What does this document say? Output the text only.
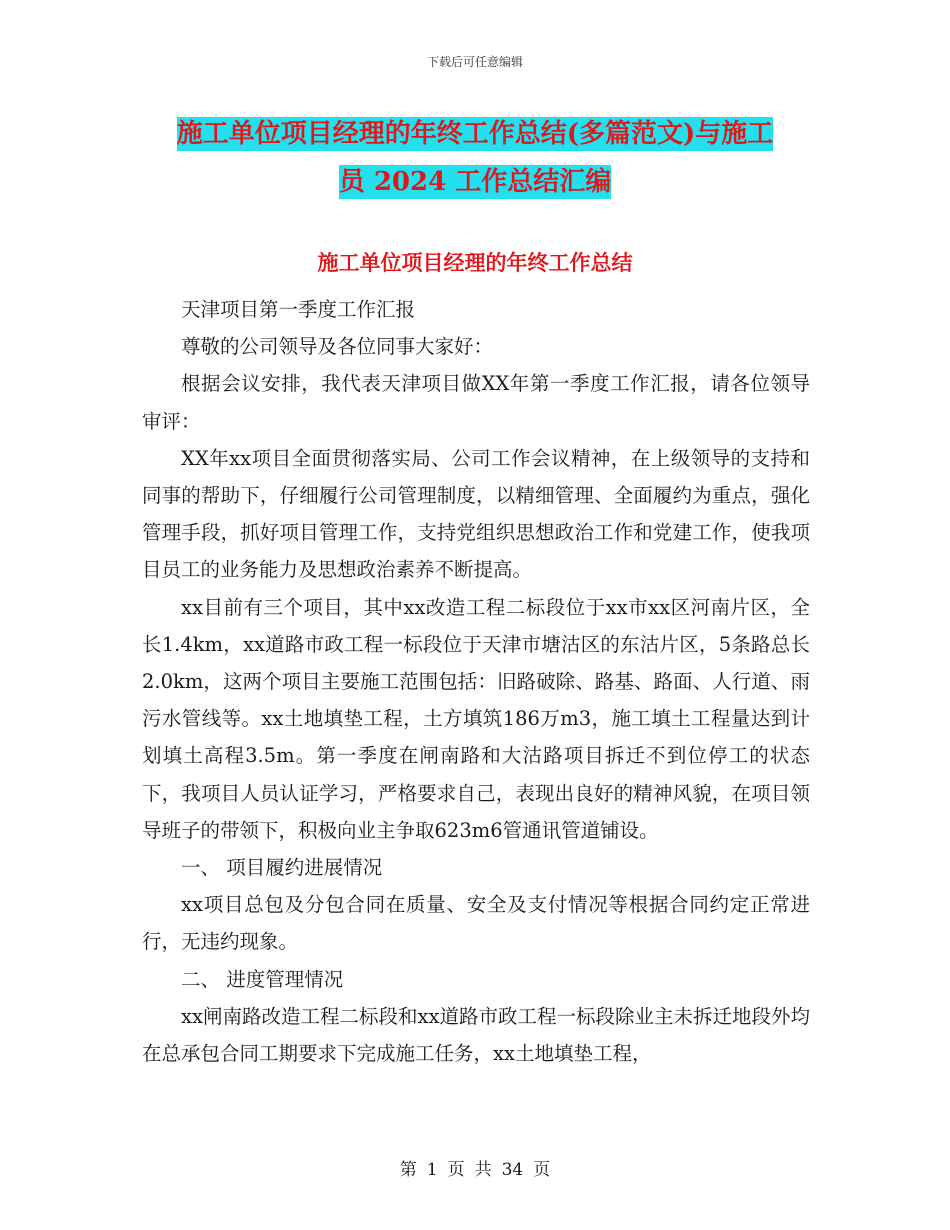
下载后可任意编辑
施工单位项目经理的年终工作总结(多篇范文)与施工
员 2024 工作总结汇编
施工单位项目经理的年终工作总结

天津项目第一季度工作汇报

尊敬的公司领导及各位同事大家好：

根据会议安排，我代表天津项目做XX年第一季度工作汇报，请各位领导审评：

XX年xx项目全面贯彻落实局、公司工作会议精神，在上级领导的支持和同事的帮助下，仔细履行公司管理制度，以精细管理、全面履约为重点，强化管理手段，抓好项目管理工作，支持党组织思想政治工作和党建工作，使我项目员工的业务能力及思想政治素养不断提高。

xx目前有三个项目，其中xx改造工程二标段位于xx市xx区河南片区，全长1.4km，xx道路市政工程一标段位于天津市塘沽区的东沽片区，5条路总长2.0km，这两个项目主要施工范围包括：旧路破除、路基、路面、人行道、雨污水管线等。xx土地填垫工程，土方填筑186万m3，施工填土工程量达到计划填土高程3.5m。第一季度在闸南路和大沽路项目拆迁不到位停工的状态下，我项目人员认证学习，严格要求自己，表现出良好的精神风貌，在项目领导班子的带领下，积极向业主争取623m6管通讯管道铺设。

一、 项目履约进展情况

xx项目总包及分包合同在质量、安全及支付情况等根据合同约定正常进行，无违约现象。

二、 进度管理情况

xx闸南路改造工程二标段和xx道路市政工程一标段除业主未拆迁地段外均在总承包合同工期要求下完成施工任务，xx土地填垫工程，

第 1 页 共 34 页
